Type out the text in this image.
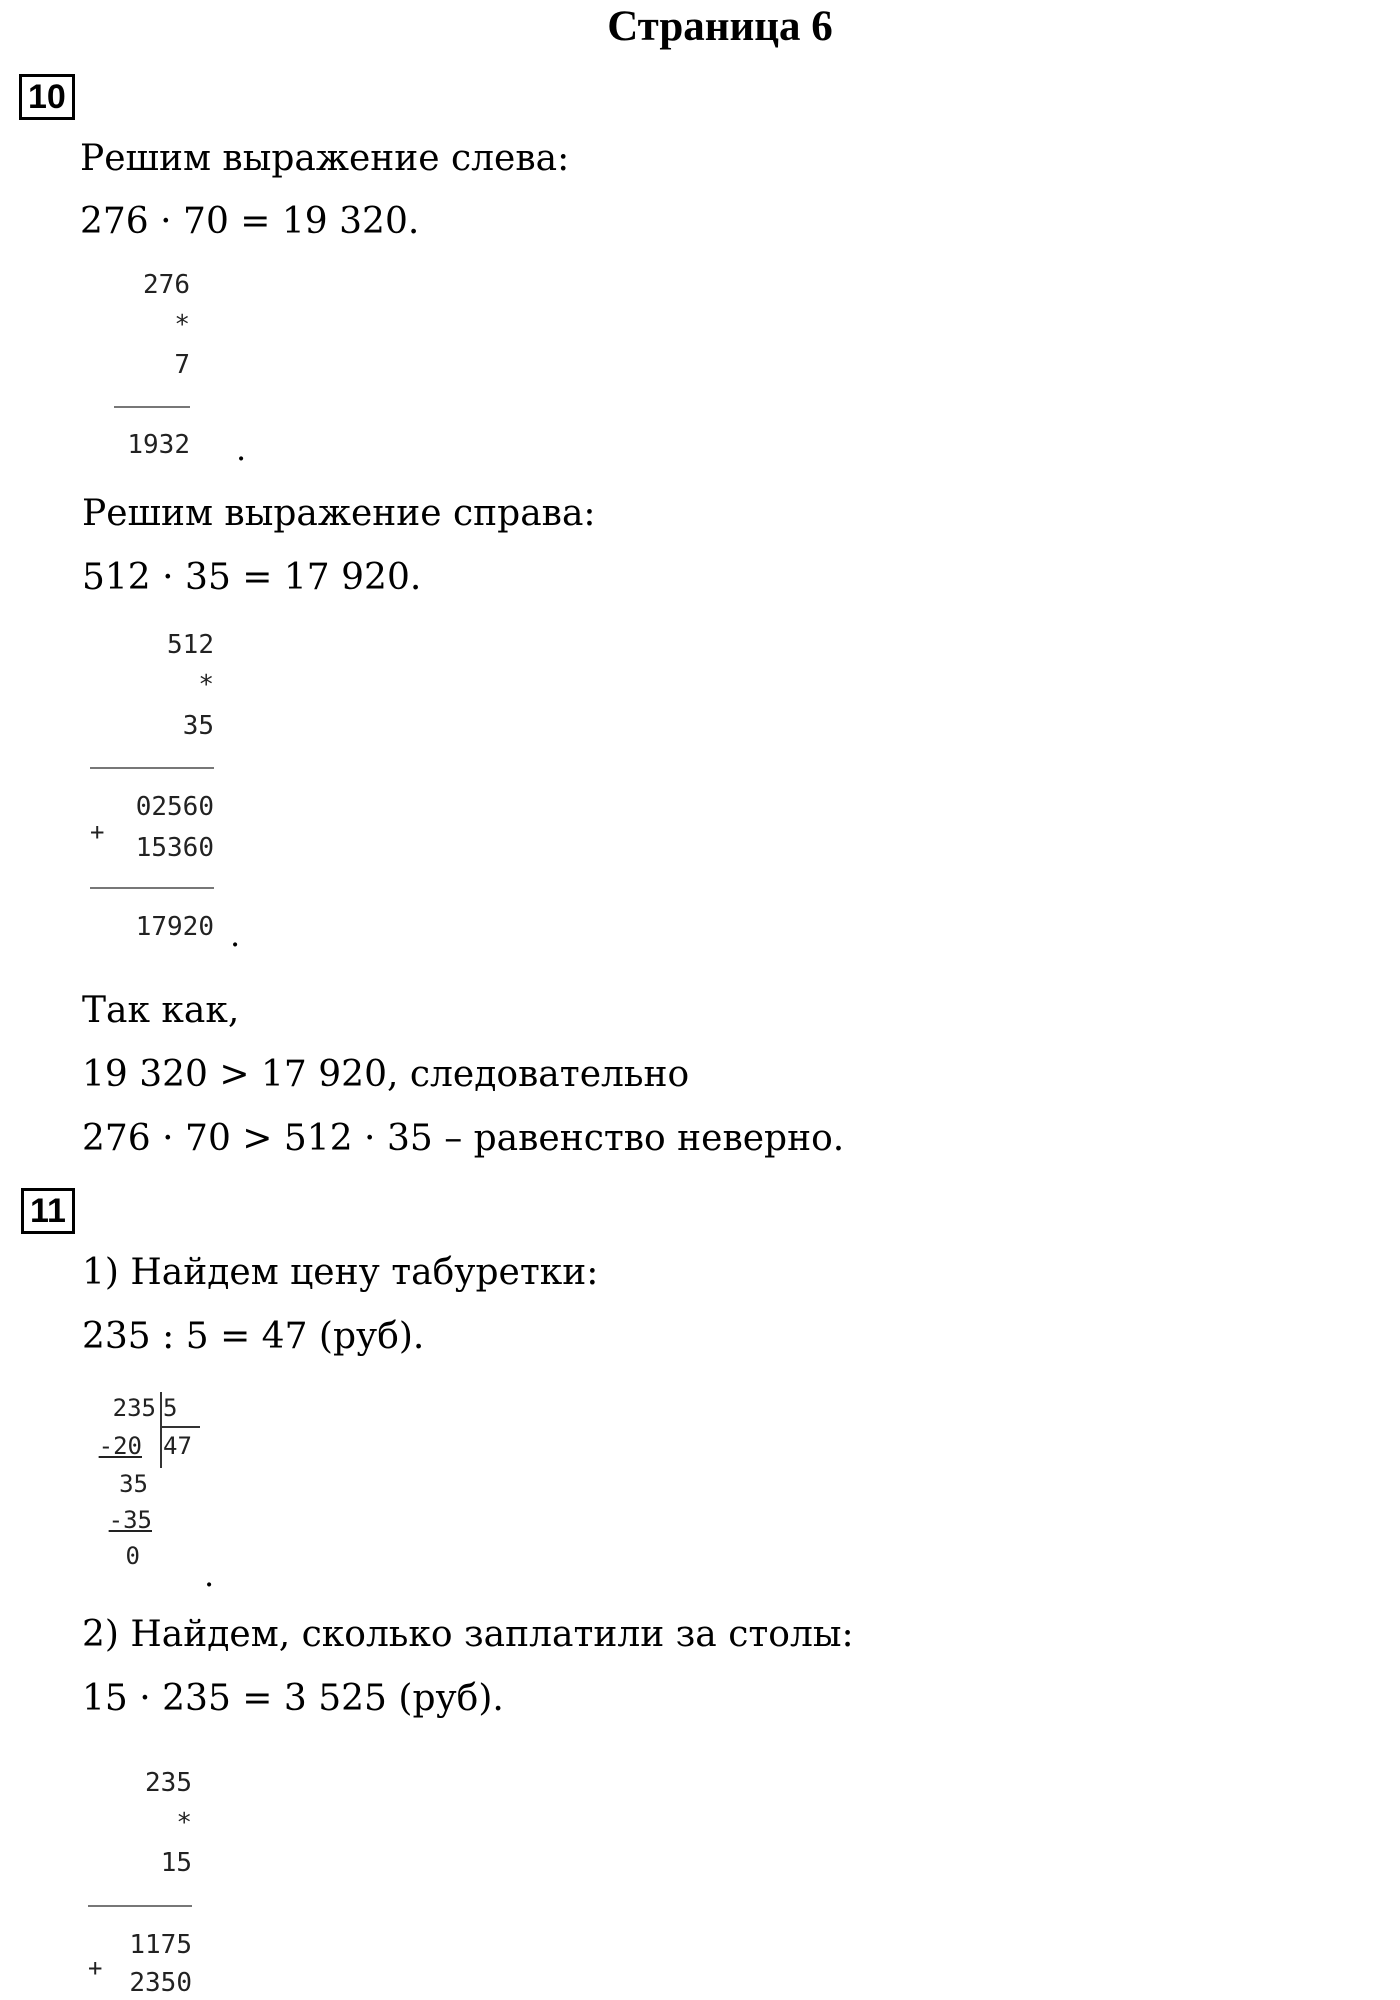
Страница 6
10
Решим выражение слева:
276 · 70 = 19 320.
276
*
7
1932 .
Решим выражение справа:
512 · 35 = 17 920.
512
*
35
+
02560
15360
17920 .
Так как,
19 320 > 17 920, следовательно
276 · 70 > 512 · 35 – равенство неверно.
11
1) Найдем цену табуретки:
235 : 5 = 47 (руб).
235 5
-20 47
35
-35
0 .
2) Найдем, сколько заплатили за столы:
15 · 235 = 3 525 (руб).
235
*
15
+
1175
2350
